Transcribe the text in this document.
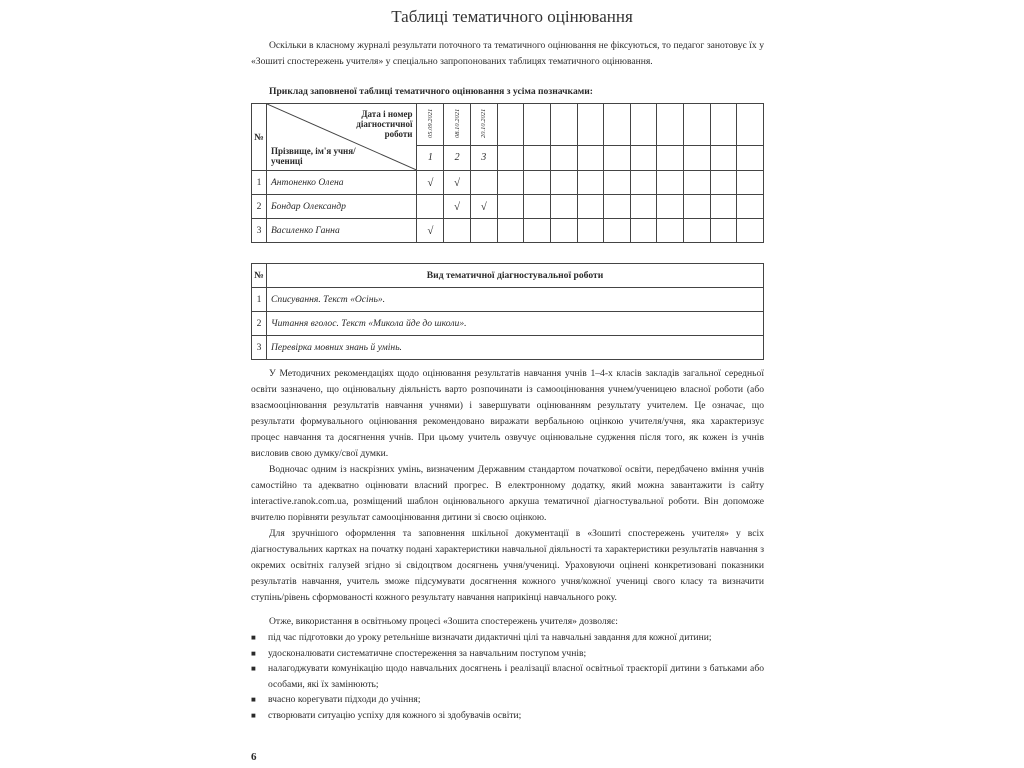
Таблиці тематичного оцінювання
Оскільки в класному журналі результати поточного та тематичного оцінювання не фіксуються, то педагог занотовує їх у «Зошиті спостережень учителя» у спеціально запропонованих таблицях тематичного оцінювання.
Приклад заповненої таблиці тематичного оцінювання з усіма позначками:
№	Дата і номер діагностичної роботи
Прізвище, ім'я учня/учениці	05.09.2021	08.10.2021	20.10.2021										
		1	2	3										
1	Антоненко Олена	√	√											
2	Бондар Олександр		√	√										
3	Василенко Ганна	√												
№	Вид тематичної діагностувальної роботи
1	Списування. Текст «Осінь».
2	Читання вголос. Текст «Микола йде до школи».
3	Перевірка мовних знань й умінь.
У Методичних рекомендаціях щодо оцінювання результатів навчання учнів 1–4-х класів закладів загальної середньої освіти зазначено, що оцінювальну діяльність варто розпочинати із самооцінювання учнем/ученицею власної роботи (або взаємооцінювання результатів навчання учнями) і завершувати оцінюванням результату учителем. Це означає, що результати формувального оцінювання рекомендовано виражати вербальною оцінкою учителя/учня, яка характеризує процес навчання та досягнення учнів. При цьому учитель озвучує оцінювальне судження після того, як кожен із учнів висловив свою думку/свої думки.
Водночас одним із наскрізних умінь, визначеним Державним стандартом початкової освіти, передбачено вміння учнів самостійно та адекватно оцінювати власний прогрес. В електронному додатку, який можна завантажити із сайту interactive.ranok.com.ua, розміщений шаблон оцінювального аркуша тематичної діагностувальної роботи. Він допоможе вчителю порівняти результат самооцінювання дитини зі своєю оцінкою.
Для зручнішого оформлення та заповнення шкільної документації в «Зошиті спостережень учителя» у всіх діагностувальних картках на початку подані характеристики навчальної діяльності та характеристики результатів навчання з окремих освітніх галузей згідно зі свідоцтвом досягнень учня/учениці. Ураховуючи оцінені конкретизовані показники результатів навчання, учитель зможе підсумувати досягнення кожного учня/кожної учениці свого класу та визначити ступінь/рівень сформованості кожного результату навчання наприкінці навчального року.
Отже, використання в освітньому процесі «Зошита спостережень учителя» дозволяє:
■	під час підготовки до уроку ретельніше визначати дидактичні цілі та навчальні завдання для кожної дитини;
■	удосконалювати систематичне спостереження за навчальним поступом учнів;
■	налагоджувати комунікацію щодо навчальних досягнень і реалізації власної освітньої траєкторії дитини з батьками або особами, які їх замінюють;
■	вчасно корегувати підходи до учіння;
■	створювати ситуацію успіху для кожного зі здобувачів освіти;
6
